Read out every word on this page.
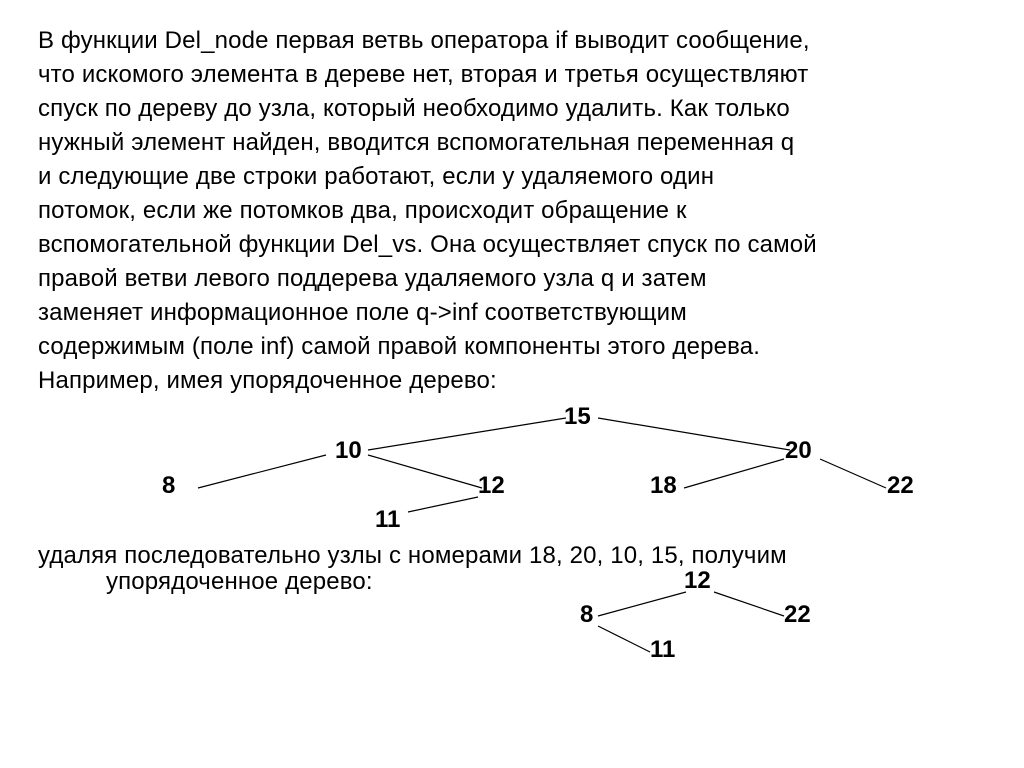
В функции Del_node первая ветвь оператора if выводит сообщение,
что искомого элемента в дереве нет, вторая и третья осуществляют
спуск по дереву до узла, который необходимо удалить. Как только
нужный элемент найден, вводится вспомогательная переменная q
и следующие две строки работают, если у удаляемого один
потомок, если же потомков два, происходит обращение к
вспомогательной функции Del_vs. Она осуществляет спуск по самой
правой ветви левого поддерева удаляемого узла q и затем
заменяет информационное поле q->inf соответствующим
содержимым (поле inf) самой правой компоненты этого дерева.
Например, имея упорядоченное дерево:
15
10	20
8	12	18	22
11
удаляя последовательно узлы с номерами 18, 20, 10, 15, получим
упорядоченное дерево:	12
8	22
11
